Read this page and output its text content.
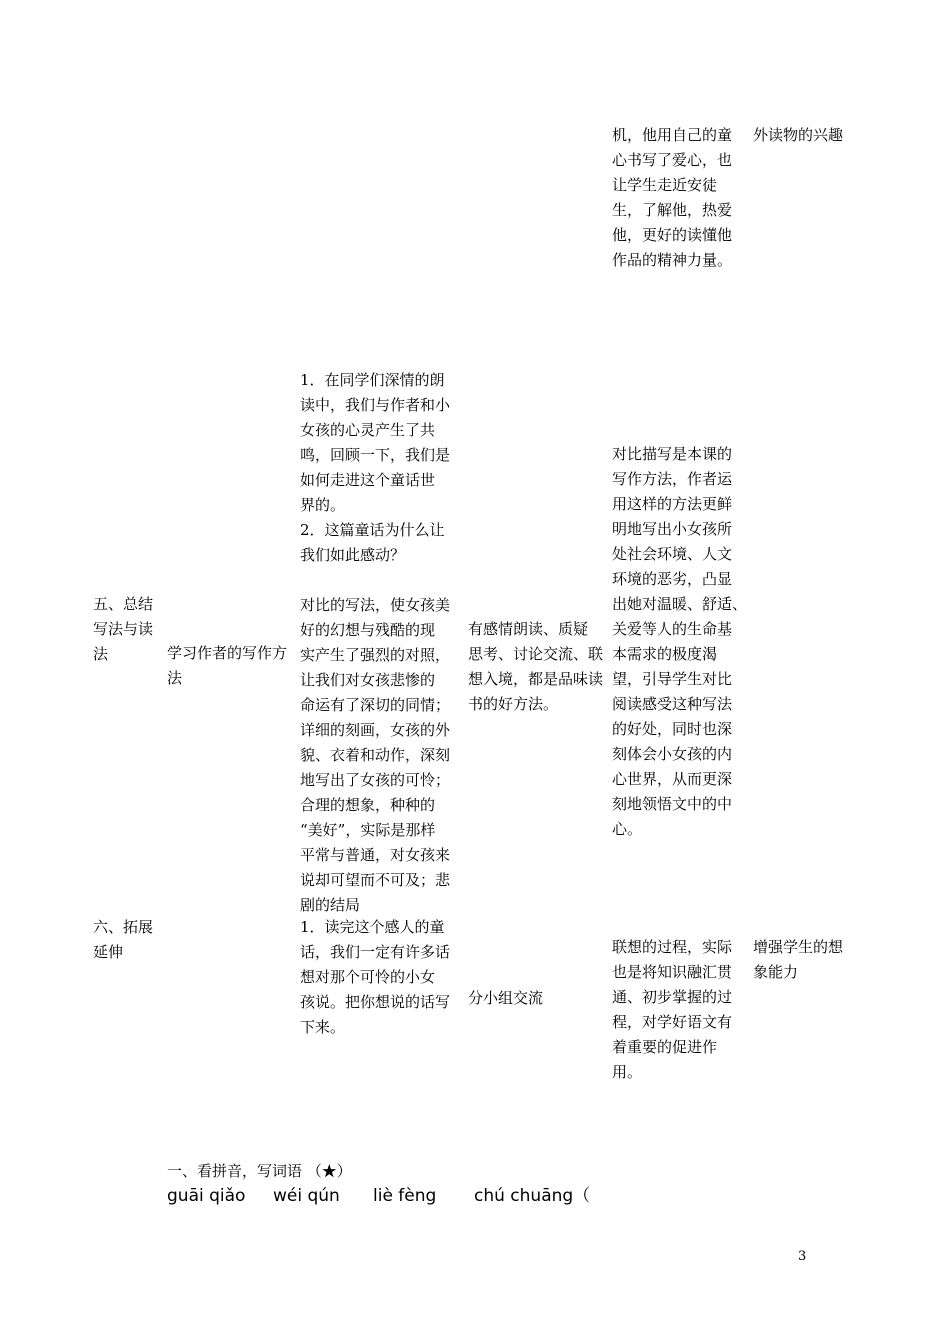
机，他用自己的童
心书写了爱心，也
让学生走近安徒
生，了解他，热爱
他，更好的读懂他
作品的精神力量。
外读物的兴趣
五、总结
写法与读
法	学习作者的写作方
法
1．在同学们深情的朗
读中，我们与作者和小
女孩的心灵产生了共
鸣，回顾一下，我们是
如何走进这个童话世
界的。
2．这篇童话为什么让
我们如此感动？

对比的写法，使女孩美
好的幻想与残酷的现
实产生了强烈的对照，
让我们对女孩悲惨的
命运有了深切的同情；
详细的刻画，女孩的外
貌、衣着和动作，深刻
地写出了女孩的可怜；
合理的想象，种种的
“美好”，实际是那样
平常与普通，对女孩来
说却可望而不可及；悲
剧的结局
有感情朗读、质疑
思考、讨论交流、联
想入境，都是品味读
书的好方法。
对比描写是本课的
写作方法，作者运
用这样的方法更鲜
明地写出小女孩所
处社会环境、人文
环境的恶劣，凸显
出她对温暖、舒适、
关爱等人的生命基
本需求的极度渴
望，引导学生对比
阅读感受这种写法
的好处，同时也深
刻体会小女孩的内
心世界，从而更深
刻地领悟文中的中
心。
六、拓展
延伸
1．读完这个感人的童
话，我们一定有许多话
想对那个可怜的小女
孩说。把你想说的话写
下来。
分小组交流
联想的过程，实际
也是将知识融汇贯
通、初步掌握的过
程，对学好语文有
着重要的促进作
用。
增强学生的想
象能力
一、看拼音，写词语 （★）
guāi qiǎo wéi qún liè fèng chú chuāng（
3
